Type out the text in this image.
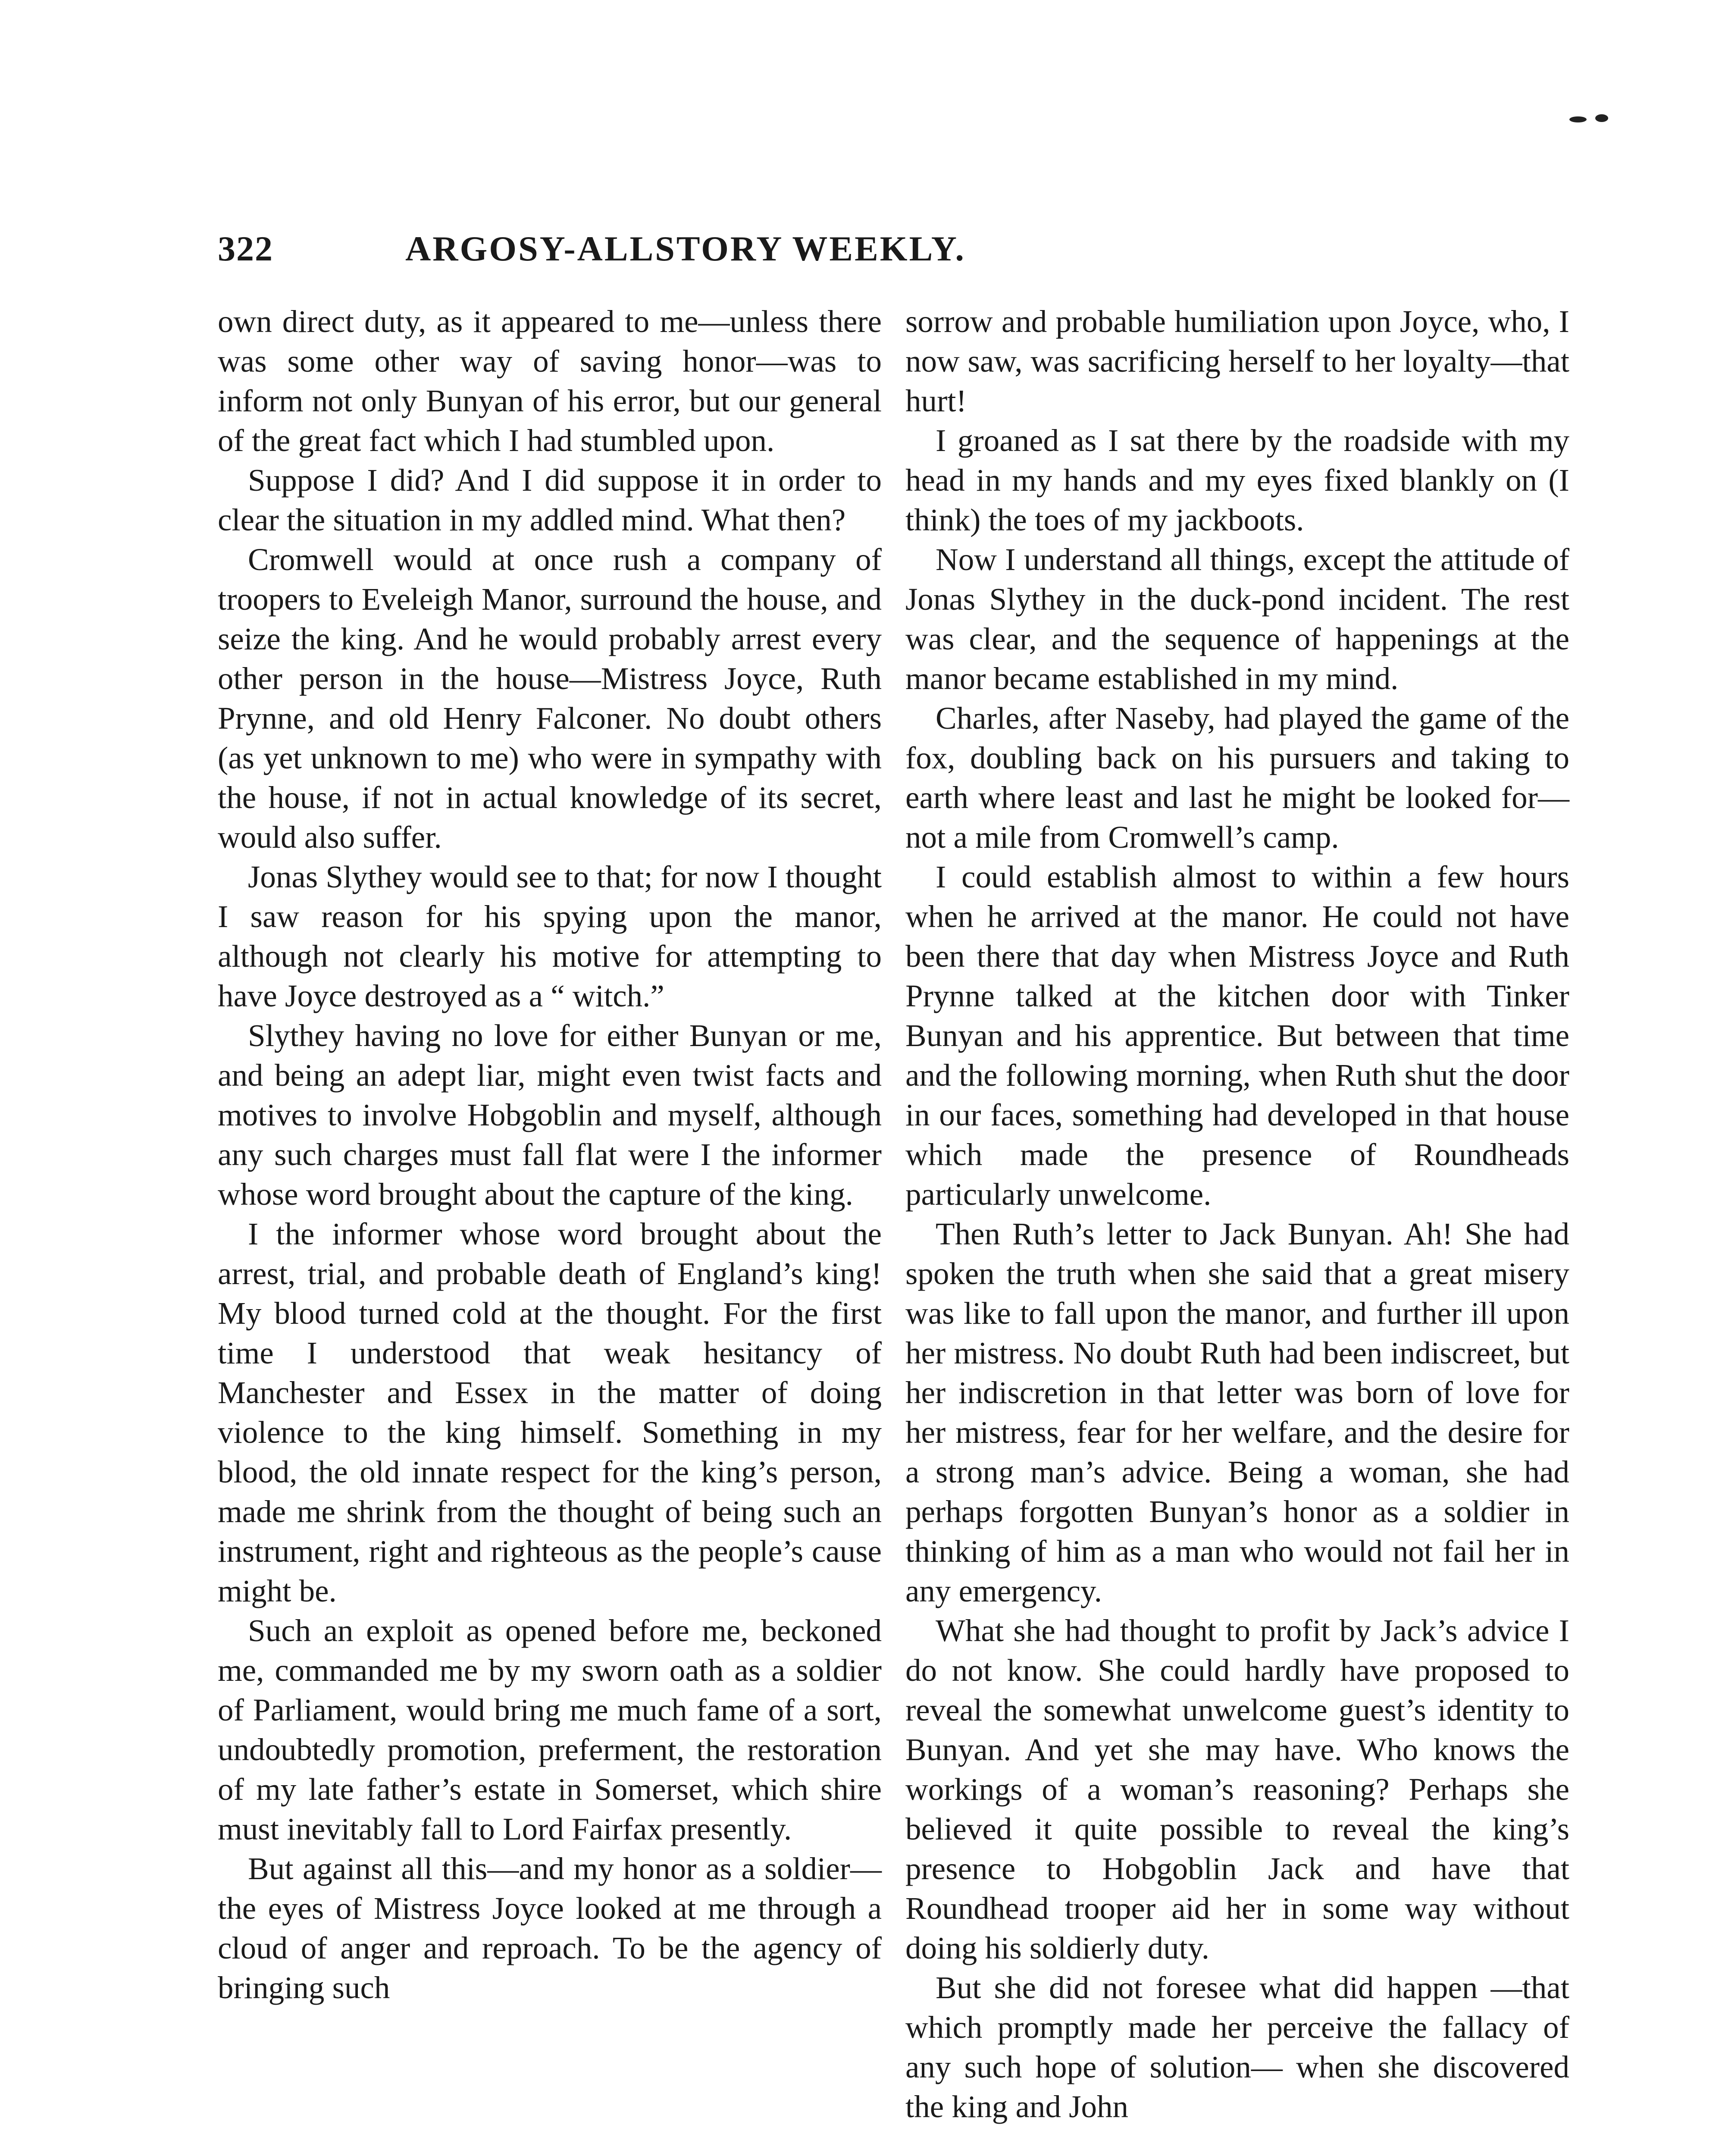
322	ARGOSY-ALLSTORY WEEKLY.

own direct duty, as it appeared to me—unless there was some other way of saving honor—was to inform not only Bunyan of his error, but our general of the great fact which I had stumbled upon.

Suppose I did? And I did suppose it in order to clear the situation in my addled mind. What then?

Cromwell would at once rush a company of troopers to Eveleigh Manor, surround the house, and seize the king. And he would probably arrest every other person in the house—Mistress Joyce, Ruth Prynne, and old Henry Falconer. No doubt others (as yet unknown to me) who were in sympathy with the house, if not in actual knowledge of its secret, would also suffer.

Jonas Slythey would see to that; for now I thought I saw reason for his spying upon the manor, although not clearly his motive for attempting to have Joyce destroyed as a “ witch.”

Slythey having no love for either Bunyan or me, and being an adept liar, might even twist facts and motives to involve Hobgoblin and myself, although any such charges must fall flat were I the informer whose word brought about the capture of the king.

I the informer whose word brought about the arrest, trial, and probable death of England’s king! My blood turned cold at the thought. For the first time I understood that weak hesitancy of Manchester and Essex in the matter of doing violence to the king himself. Something in my blood, the old innate respect for the king’s person, made me shrink from the thought of being such an instrument, right and righteous as the people’s cause might be.

Such an exploit as opened before me, beckoned me, commanded me by my sworn oath as a soldier of Parliament, would bring me much fame of a sort, undoubtedly promotion, preferment, the restoration of my late father’s estate in Somerset, which shire must inevitably fall to Lord Fairfax presently.

But against all this—and my honor as a soldier—the eyes of Mistress Joyce looked at me through a cloud of anger and reproach. To be the agency of bringing such

sorrow and probable humiliation upon Joyce, who, I now saw, was sacrificing herself to her loyalty—that hurt!

I groaned as I sat there by the roadside with my head in my hands and my eyes fixed blankly on (I think) the toes of my jackboots.

Now I understand all things, except the attitude of Jonas Slythey in the duck-pond incident. The rest was clear, and the sequence of happenings at the manor became established in my mind.

Charles, after Naseby, had played the game of the fox, doubling back on his pursuers and taking to earth where least and last he might be looked for—not a mile from Cromwell’s camp.

I could establish almost to within a few hours when he arrived at the manor. He could not have been there that day when Mistress Joyce and Ruth Prynne talked at the kitchen door with Tinker Bunyan and his apprentice. But between that time and the following morning, when Ruth shut the door in our faces, something had developed in that house which made the presence of Roundheads particularly unwelcome.

Then Ruth’s letter to Jack Bunyan. Ah! She had spoken the truth when she said that a great misery was like to fall upon the manor, and further ill upon her mistress. No doubt Ruth had been indiscreet, but her indiscretion in that letter was born of love for her mistress, fear for her welfare, and the desire for a strong man’s advice. Being a woman, she had perhaps forgotten Bunyan’s honor as a soldier in thinking of him as a man who would not fail her in any emergency.

What she had thought to profit by Jack’s advice I do not know. She could hardly have proposed to reveal the somewhat unwelcome guest’s identity to Bunyan. And yet she may have. Who knows the workings of a woman’s reasoning? Perhaps she believed it quite possible to reveal the king’s presence to Hobgoblin Jack and have that Roundhead trooper aid her in some way without doing his soldierly duty.

But she did not foresee what did happen —that which promptly made her perceive the fallacy of any such hope of solution— when she discovered the king and John
